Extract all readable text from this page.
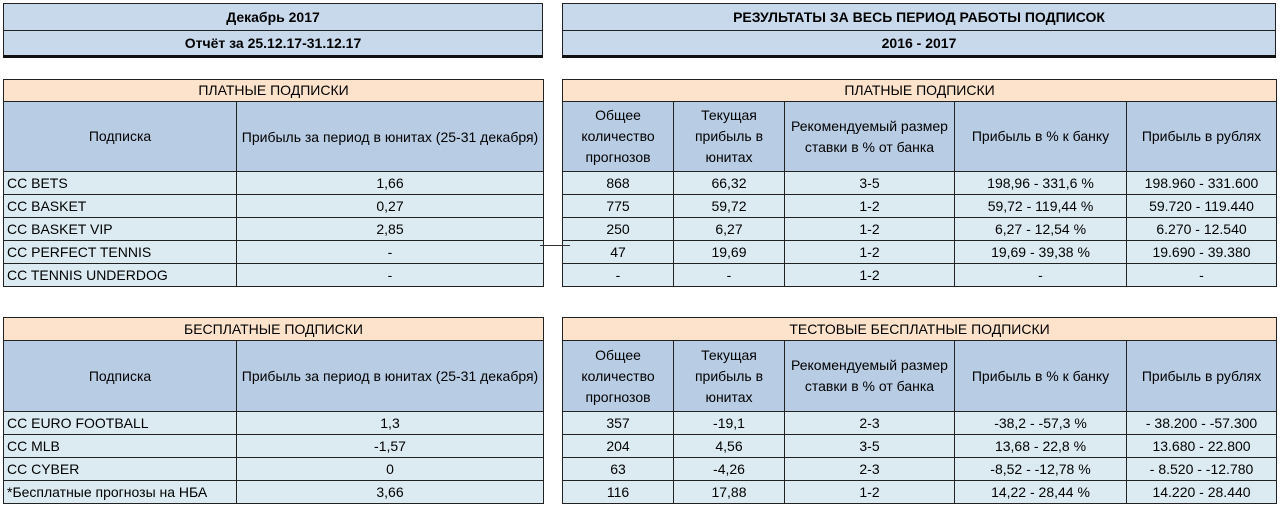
Декабрь 2017
Отчёт за 25.12.17-31.12.17
РЕЗУЛЬТАТЫ ЗА ВЕСЬ ПЕРИОД РАБОТЫ ПОДПИСОК
2016 - 2017
ПЛАТНЫЕ ПОДПИСКИ	
Подписка	Прибыль за период в юнитах (25-31 декабря)
CC BETS	1,66
CC BASKET	0,27
CC BASKET VIP	2,85
CC PERFECT TENNIS	-
CC TENNIS UNDERDOG	-
ПЛАТНЫЕ ПОДПИСКИ				
Общее количество прогнозов	Текущая прибыль в юнитах	Рекомендуемый размер ставки в % от банка	Прибыль в % к банку	Прибыль в рублях
868	66,32	3-5	198,96 - 331,6 %	198.960 - 331.600
775	59,72	1-2	59,72 - 119,44 %	59.720 - 119.440
250	6,27	1-2	6,27 - 12,54 %	6.270 - 12.540
47	19,69	1-2	19,69 - 39,38 %	19.690 - 39.380
-	-	1-2	-	-
БЕСПЛАТНЫЕ ПОДПИСКИ	
Подписка	Прибыль за период в юнитах (25-31 декабря)
CC EURO FOOTBALL	1,3
CC MLB	-1,57
CC CYBER	0
*Бесплатные прогнозы на НБА	3,66
ТЕСТОВЫЕ БЕСПЛАТНЫЕ ПОДПИСКИ				
Общее количество прогнозов	Текущая прибыль в юнитах	Рекомендуемый размер ставки в % от банка	Прибыль в % к банку	Прибыль в рублях
357	-19,1	2-3	-38,2 - -57,3 %	- 38.200 - -57.300
204	4,56	3-5	13,68 - 22,8 %	13.680 - 22.800
63	-4,26	2-3	-8,52 - -12,78 %	- 8.520 - -12.780
116	17,88	1-2	14,22 - 28,44 %	14.220 - 28.440
